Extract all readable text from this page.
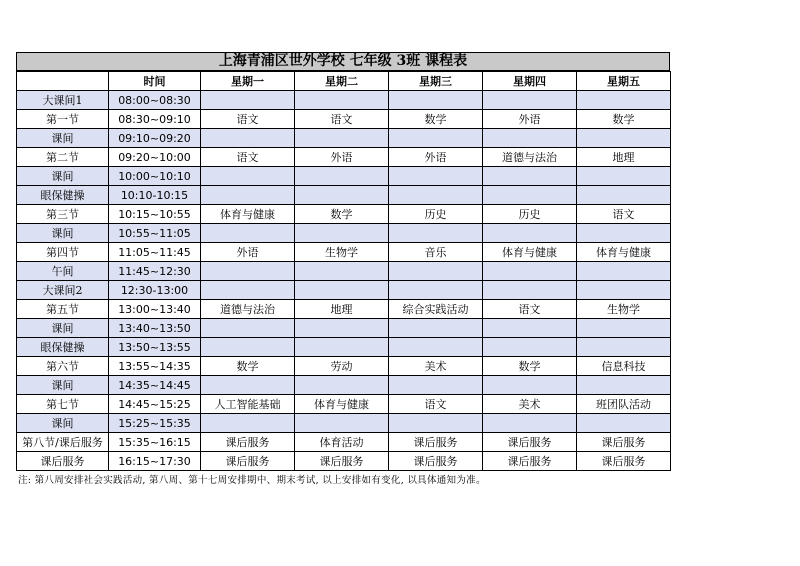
上海青浦区世外学校 七年级 3班 课程表
	时间	星期一	星期二	星期三	星期四	星期五
大课间1	08:00~08:30					
第一节	08:30~09:10	语文	语文	数学	外语	数学
课间	09:10~09:20					
第二节	09:20~10:00	语文	外语	外语	道德与法治	地理
课间	10:00~10:10					
眼保健操	10:10-10:15					
第三节	10:15~10:55	体育与健康	数学	历史	历史	语文
课间	10:55~11:05					
第四节	11:05~11:45	外语	生物学	音乐	体育与健康	体育与健康
午间	11:45~12:30					
大课间2	12:30-13:00					
第五节	13:00~13:40	道德与法治	地理	综合实践活动	语文	生物学
课间	13:40~13:50					
眼保健操	13:50~13:55					
第六节	13:55~14:35	数学	劳动	美术	数学	信息科技
课间	14:35~14:45					
第七节	14:45~15:25	人工智能基础	体育与健康	语文	美术	班团队活动
课间	15:25~15:35					
第八节/课后服务	15:35~16:15	课后服务	体育活动	课后服务	课后服务	课后服务
课后服务	16:15~17:30	课后服务	课后服务	课后服务	课后服务	课后服务
注: 第八周安排社会实践活动, 第八周、第十七周安排期中、期末考试, 以上安排如有变化, 以具体通知为准。
